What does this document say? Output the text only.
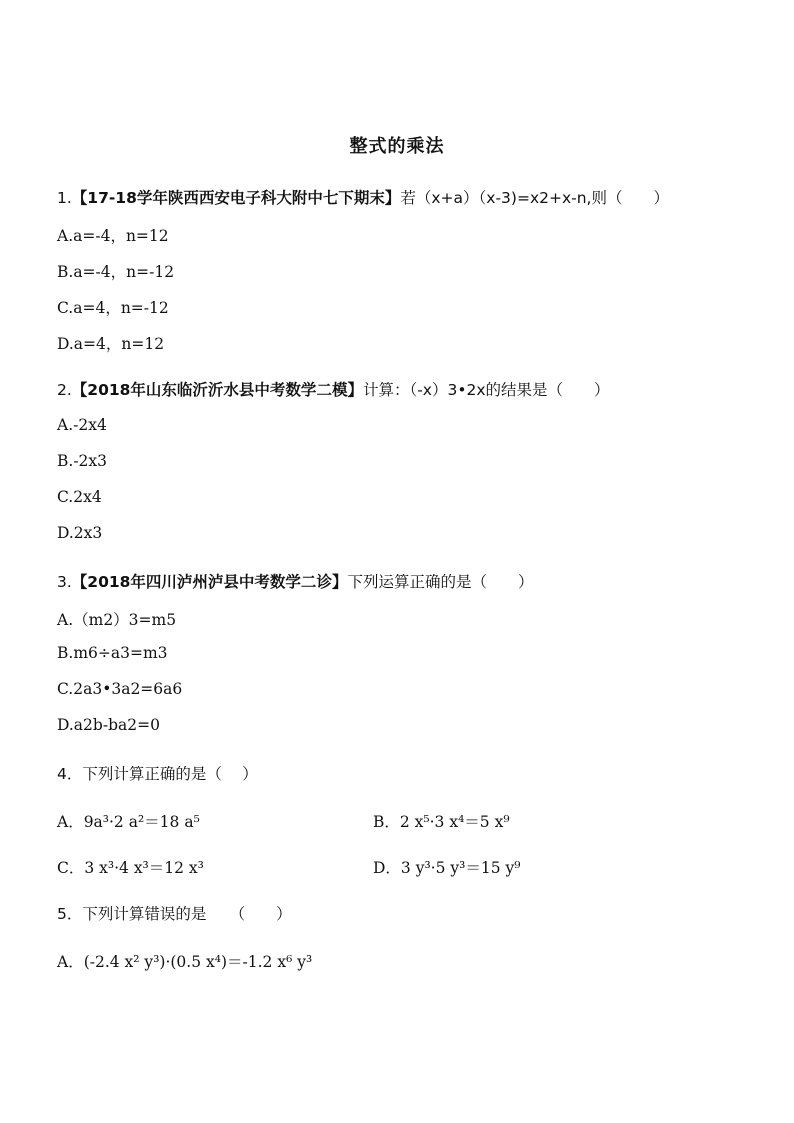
整式的乘法
1.【17-18学年陕西西安电子科大附中七下期末】若（x+a）（x-3)=x2+x-n,则（　　）
A.a=-4，n=12
B.a=-4，n=-12
C.a=4，n=-12
D.a=4，n=12
2.【2018年山东临沂沂水县中考数学二模】计算：（-x）3•2x的结果是（　　）
A.-2x4
B.-2x3
C.2x4
D.2x3
3.【2018年四川泸州泸县中考数学二诊】下列运算正确的是（　　）
A.（m2）3=m5
B.m6÷a3=m3
C.2a3•3a2=6a6
D.a2b-ba2=0
4．下列计算正确的是（　 ）
A．9a³·2 a²＝18 a⁵	B．2 x⁵·3 x⁴＝5 x⁹
C．3 x³·4 x³＝12 x³	D．3 y³·5 y³＝15 y⁹
5．下列计算错误的是　　（　　）
A．(-2.4 x² y³)·(0.5 x⁴)＝-1.2 x⁶ y³
